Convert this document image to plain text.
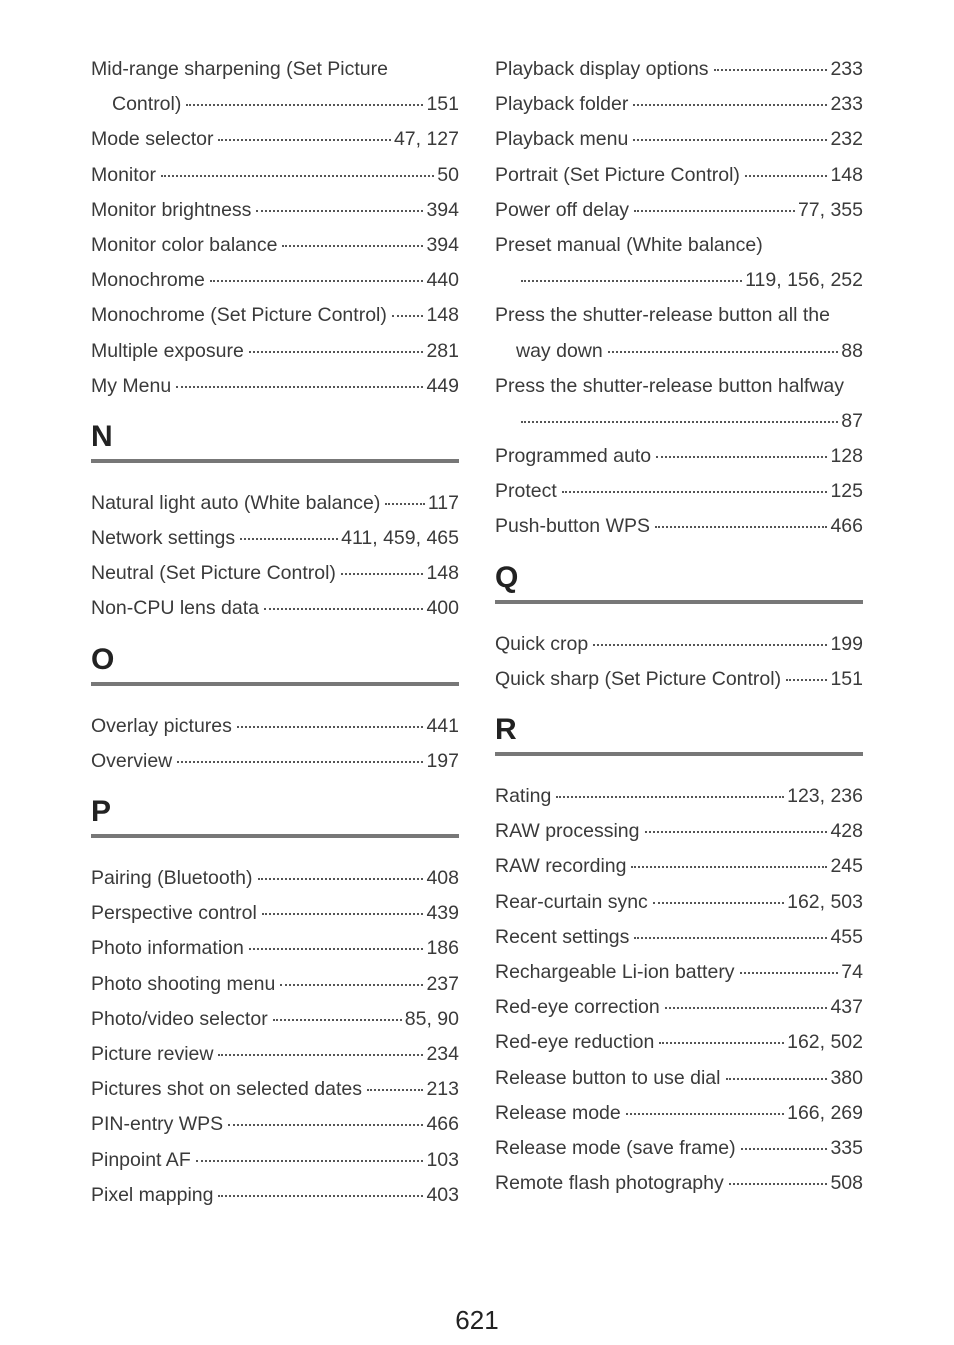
Mid-range sharpening (Set Picture
Control)	151
Mode selector	47, 127
Monitor	50
Monitor brightness	394
Monitor color balance	394
Monochrome	440
Monochrome (Set Picture Control) 148
Multiple exposure	281
My Menu	449
N
Natural light auto (White balance) 117
Network settings	411, 459, 465
Neutral (Set Picture Control)	148
Non-CPU lens data	400
O
Overlay pictures	441
Overview	197
P
Pairing (Bluetooth)	408
Perspective control	439
Photo information	186
Photo shooting menu	237
Photo/video selector	85, 90
Picture review	234
Pictures shot on selected dates	213
PIN-entry WPS	466
Pinpoint AF	103
Pixel mapping	403
Playback display options	233
Playback folder	233
Playback menu	232
Portrait (Set Picture Control)	148
Power off delay	77, 355
Preset manual (White balance)
119, 156, 252
Press the shutter-release button all the
way down	88
Press the shutter-release button halfway
87
Programmed auto	128
Protect	125
Push-button WPS	466
Q
Quick crop	199
Quick sharp (Set Picture Control)	151
R
Rating	123, 236
RAW processing	428
RAW recording	245
Rear-curtain sync	162, 503
Recent settings	455
Rechargeable Li-ion battery	74
Red-eye correction	437
Red-eye reduction	162, 502
Release button to use dial	380
Release mode	166, 269
Release mode (save frame)	335
Remote flash photography	508
621
